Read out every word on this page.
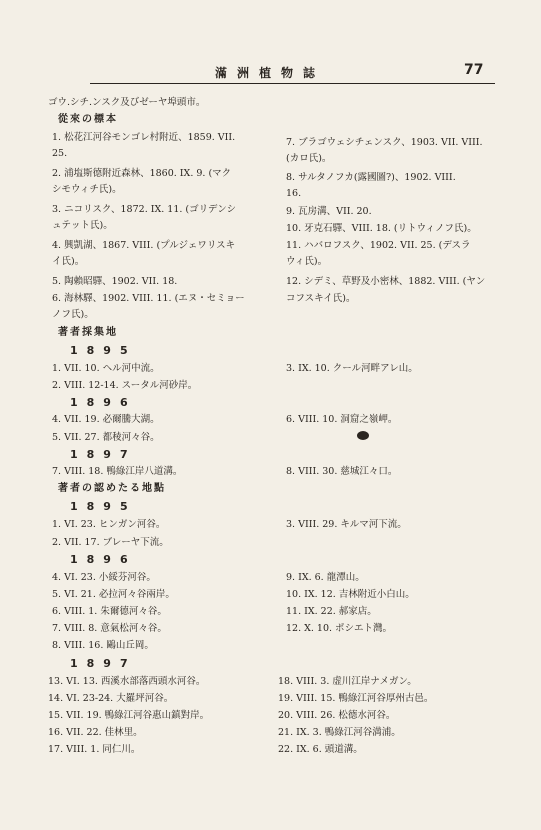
滿洲植物誌	77
ゴウ.シチ.ンスク及びゼーヤ埠頭市。
從來の標本
1. 松花江河谷モンゴレ村附近、1859. VII.
25.
2. 浦塩斯德附近森林、1860. IX. 9. (マク
シモウィチ氏)。
3. ニコリスク、1872. IX. 11. (ゴリデンシ
ュテット氏)。
4. 興凱湖、1867. VIII. (プルジェワリスキ
イ氏)。
5. 陶賴昭驛、1902. VII. 18.
6. 海林驛、1902. VIII. 11. (エヌ・セミョー
ノフ氏)。
7. ブラゴウェシチェンスク、1903. VII. VIII.
(カロ氏)。
8. サルタノフカ(露國圖?)、1902. VIII.
16.
9. 瓦房溝、VII. 20.
10. 牙克石驛、VIII. 18. (リトウィノフ氏)。
11. ハバロフスク、1902. VII. 25. (デスラ
ウィ氏)。
12. シデミ、草野及小密林、1882. VIII. (ヤン
コフスキイ氏)。
著者採集地
1895
1. VII. 10. ヘル河中流。
2. VIII. 12-14. スータル河砂岸。
3. IX. 10. クール河畔アレ山。
1896
4. VII. 19. 必爾騰大湖。
5. VII. 27. 都稜河々谷。
6. VIII. 10. 洞窟之嶺岬。
1897
7. VIII. 18. 鴨綠江岸八道溝。	8. VIII. 30. 慈城江々口。
著者の認めたる地點
1895
1. VI. 23. ヒンガン河谷。
2. VII. 17. ブレーヤ下流。
3. VIII. 29. キルマ河下流。
1896
4. VI. 23. 小綏芬河谷。
5. VI. 21. 必拉河々谷兩岸。
6. VIII. 1. 朱爾德河々谷。
7. VIII. 8. 意氣松河々谷。
8. VIII. 16. 鷗山丘岡。
9. IX. 6. 龍潭山。
10. IX. 12. 吉林附近小白山。
11. IX. 22. 郝家店。
12. X. 10. ポシエト灣。
1897
13. VI. 13. 西溪水部落西頭水河谷。
14. VI. 23-24. 大羅坪河谷。
15. VII. 19. 鴨綠江河谷惠山鎮對岸。
16. VII. 22. 佳林里。
17. VIII. 1. 同仁川。
18. VIII. 3. 虚川江岸ナメガン。
19. VIII. 15. 鴨綠江河谷厚州古邑。
20. VIII. 26. 松德水河谷。
21. IX. 3. 鴨綠江河谷満浦。
22. IX. 6. 頭道溝。
